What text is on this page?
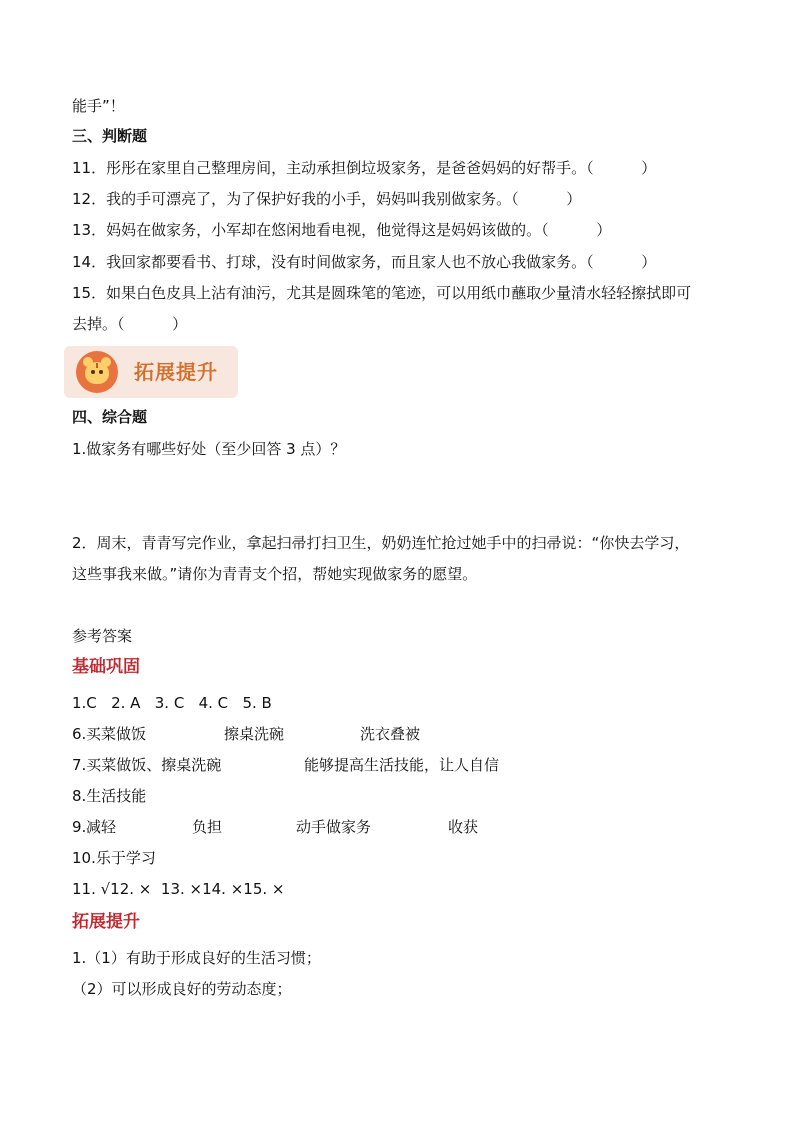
能手”！
三、判断题
11．彤彤在家里自己整理房间，主动承担倒垃圾家务，是爸爸妈妈的好帮手。（          ）
12．我的手可漂亮了，为了保护好我的小手，妈妈叫我别做家务。（          ）
13．妈妈在做家务，小军却在悠闲地看电视，他觉得这是妈妈该做的。（          ）
14．我回家都要看书、打球，没有时间做家务，而且家人也不放心我做家务。（          ）
15．如果白色皮具上沾有油污，尤其是圆珠笔的笔迹，可以用纸巾蘸取少量清水轻轻擦拭即可
去掉。（          ）
拓展提升
四、综合题
1.做家务有哪些好处（至少回答 3 点）？
2．周末，青青写完作业，拿起扫帚打扫卫生，奶奶连忙抢过她手中的扫帚说：“你快去学习，
这些事我来做。”请你为青青支个招，帮她实现做家务的愿望。
参考答案
基础巩固
1.C   2. A   3. C   4. C   5. B
6. 买菜做饭	擦桌洗碗	洗衣叠被
7.买菜做饭、擦桌洗碗	能够提高生活技能，让人自信
8.生活技能
9. 减轻	负担	动手做家务	收获
10.乐于学习
11. √12. ×  13. ×14. ×15. ×
拓展提升
1.（1）有助于形成良好的生活习惯；
（2）可以形成良好的劳动态度；
